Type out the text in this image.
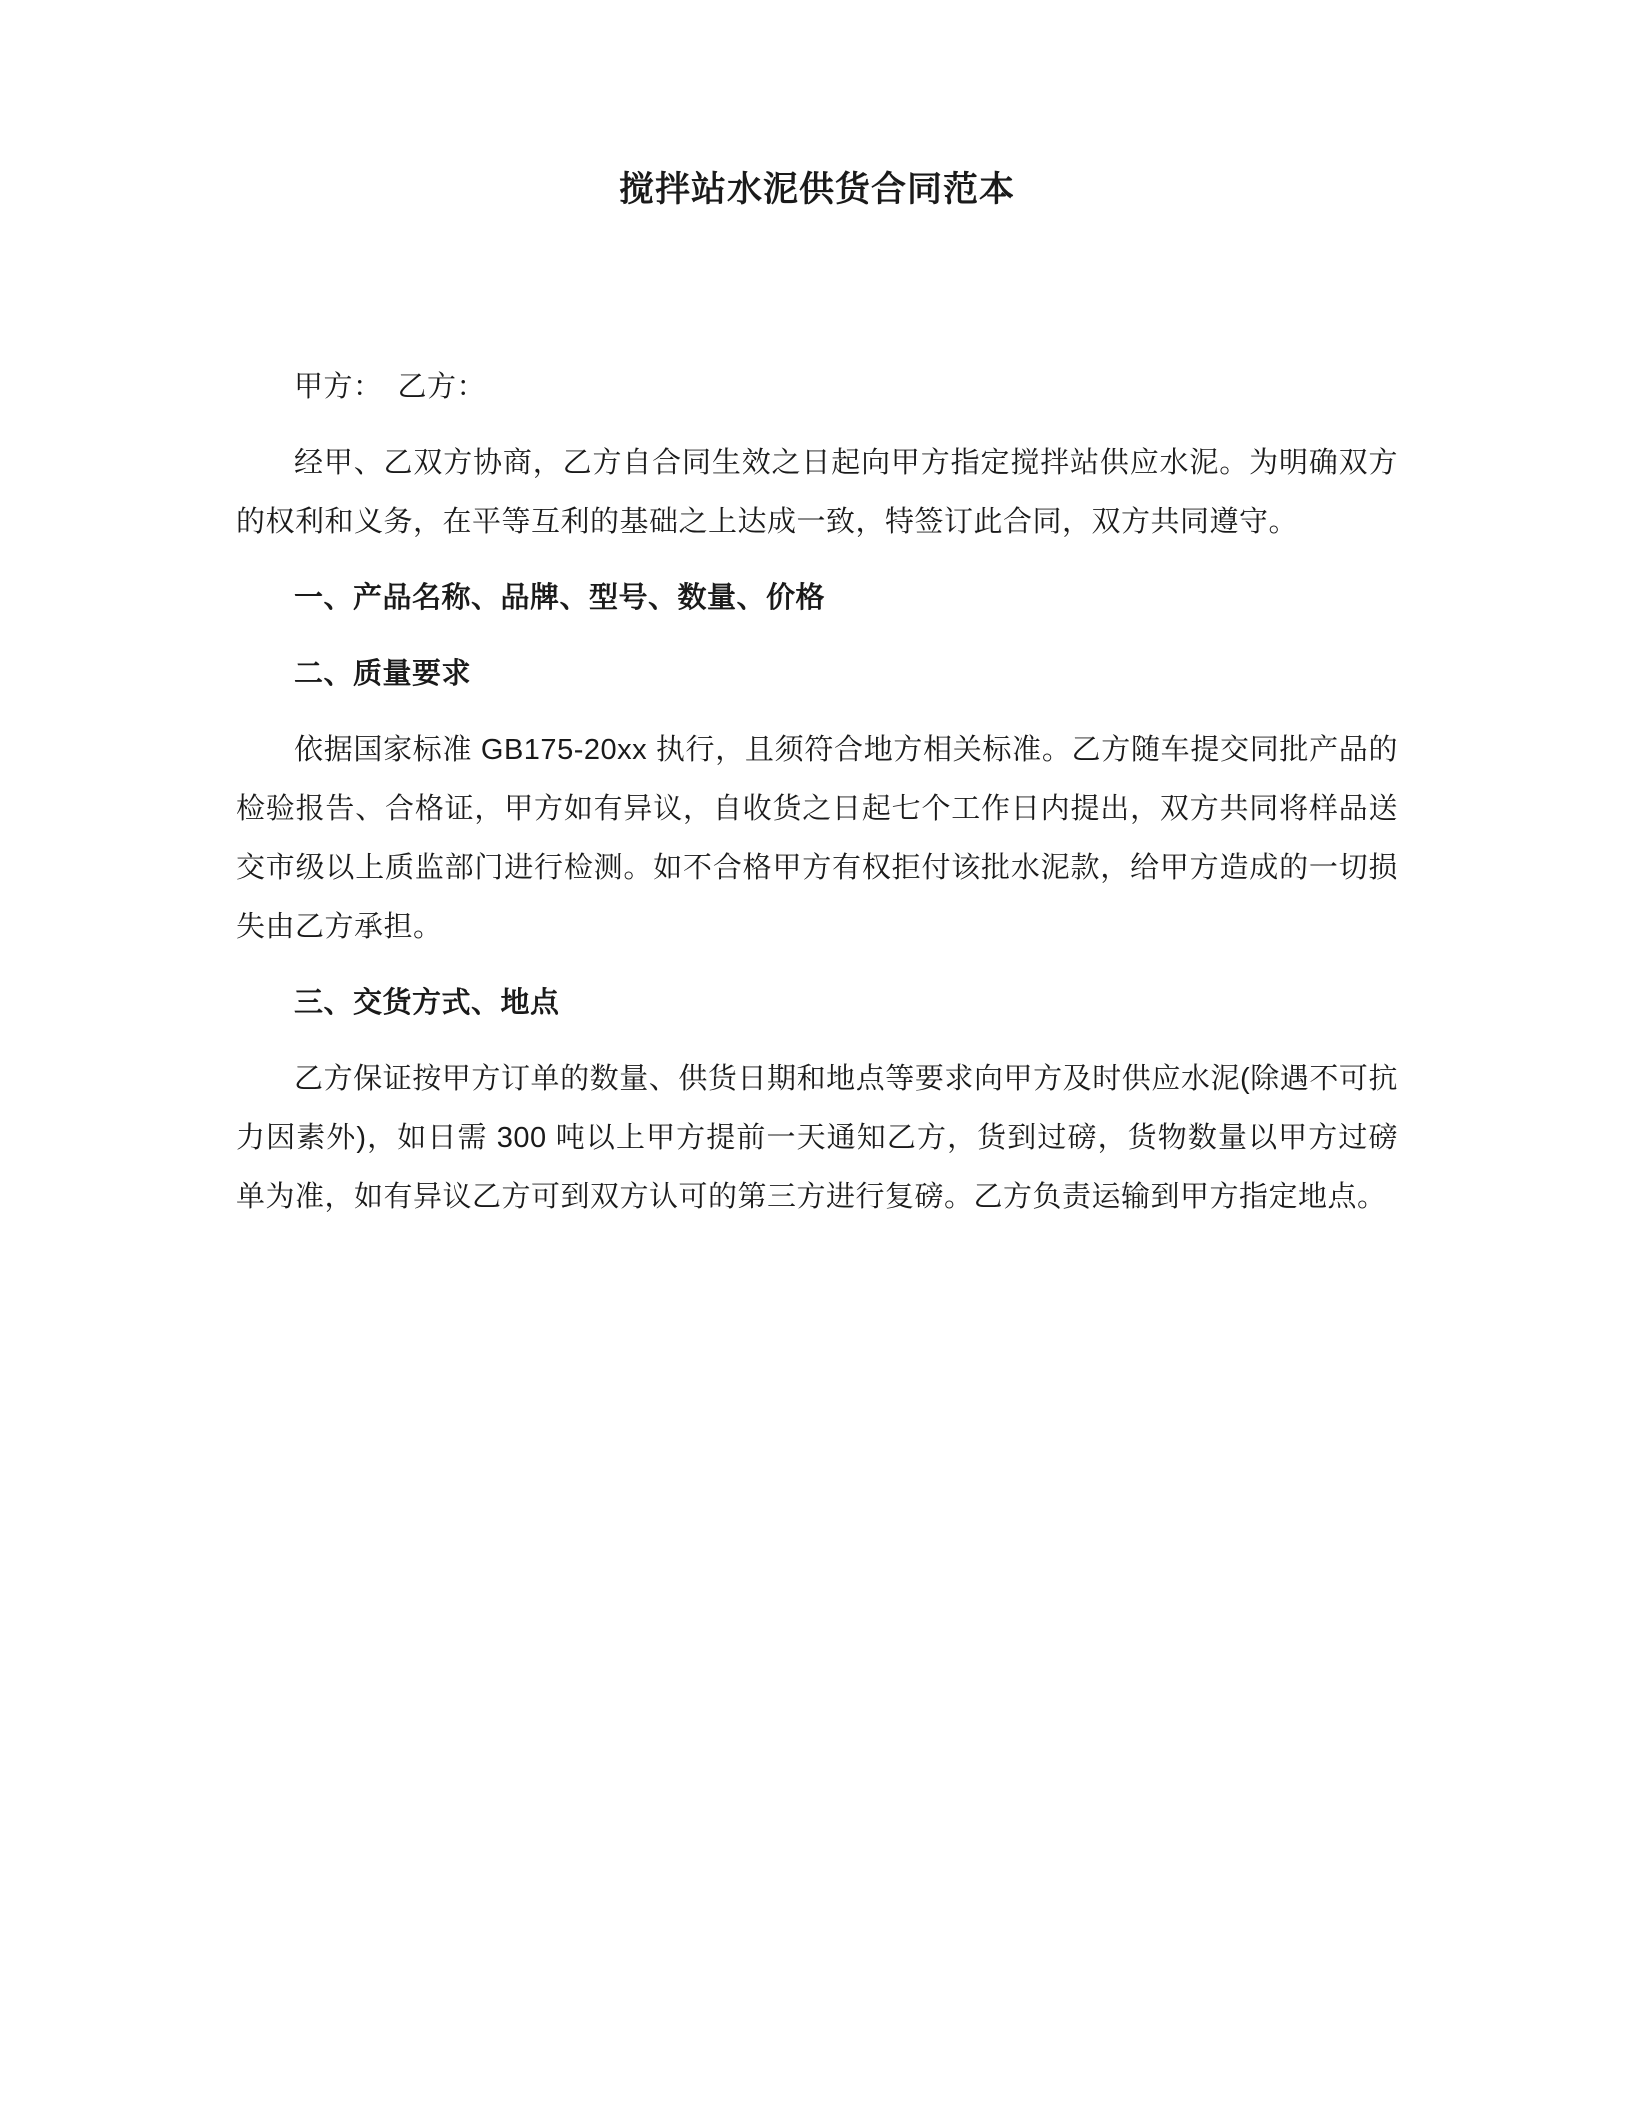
搅拌站水泥供货合同范本

甲方：　乙方：

经甲、乙双方协商，乙方自合同生效之日起向甲方指定搅拌站供应水泥。为明确双方的权利和义务，在平等互利的基础之上达成一致，特签订此合同，双方共同遵守。

一、产品名称、品牌、型号、数量、价格

二、质量要求

依据国家标准 GB175-20xx 执行，且须符合地方相关标准。乙方随车提交同批产品的检验报告、合格证，甲方如有异议，自收货之日起七个工作日内提出，双方共同将样品送交市级以上质监部门进行检测。如不合格甲方有权拒付该批水泥款，给甲方造成的一切损失由乙方承担。

三、交货方式、地点

乙方保证按甲方订单的数量、供货日期和地点等要求向甲方及时供应水泥(除遇不可抗力因素外)，如日需 300 吨以上甲方提前一天通知乙方，货到过磅，货物数量以甲方过磅单为准，如有异议乙方可到双方认可的第三方进行复磅。乙方负责运输到甲方指定地点。
